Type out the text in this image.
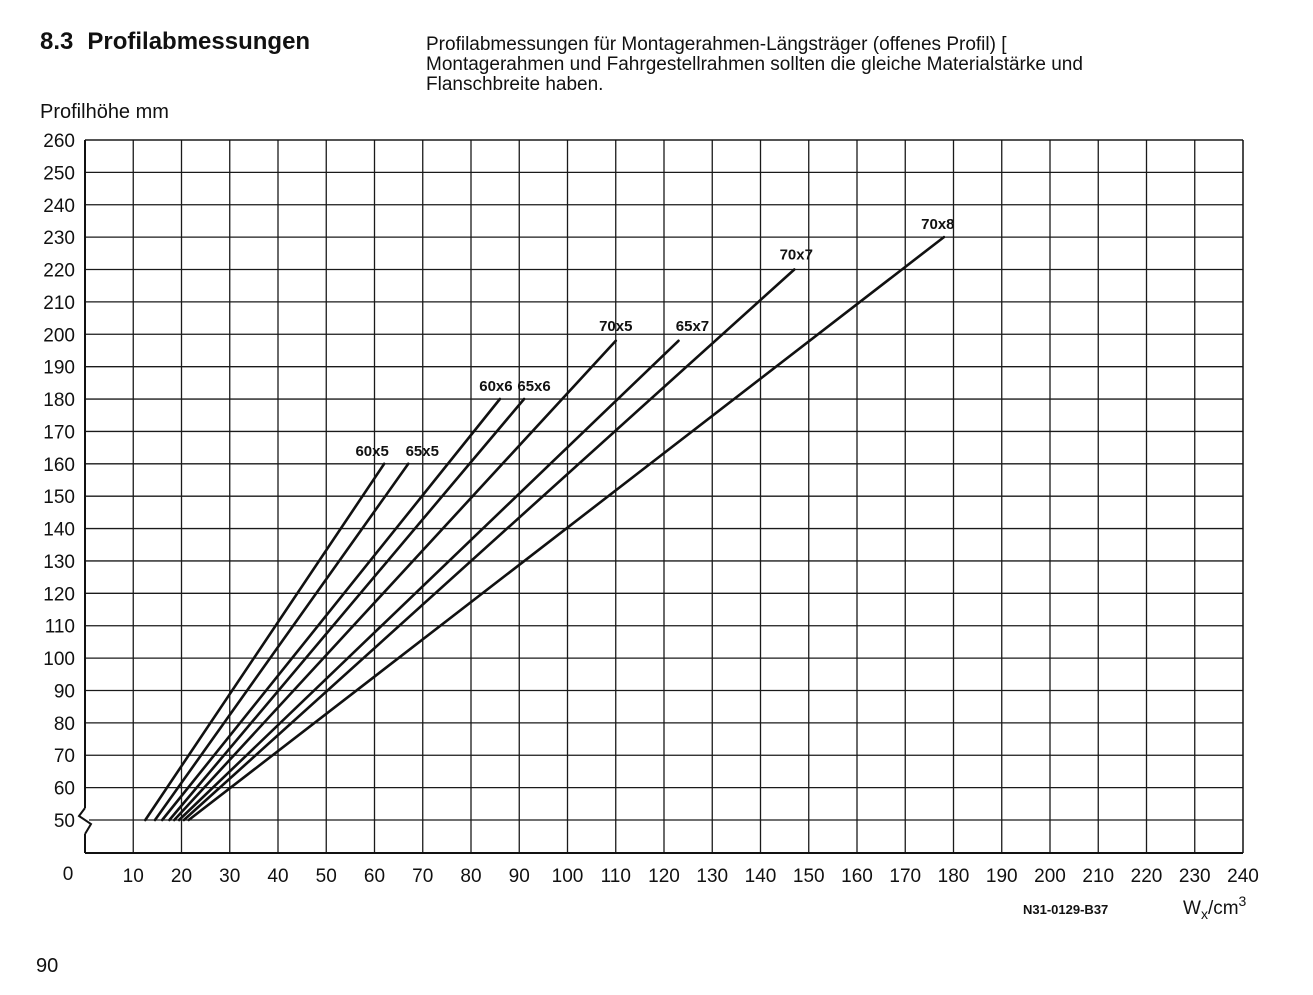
8.3 Profilabmessungen	Profilabmessungen für Montagerahmen-Längsträger (offenes Profil) [
Montagerahmen und Fahrgestellrahmen sollten die gleiche Materialstärke und
Flanschbreite haben.
50
60
70
80
90
100
110
120
130
140
150
160
170
180
190
200
210
220
230
240
250
260
0	10 20 30 40 50 60 70 80 90 100 110 120 130 140 150 160 170 180 190 200 210 220 230 240
Profilhöhe mm
N31-0129-B37	$W_x/cm^3$
60x5 65x5
60x6 65x6
70x5	65x7
70x7
70x8
90
